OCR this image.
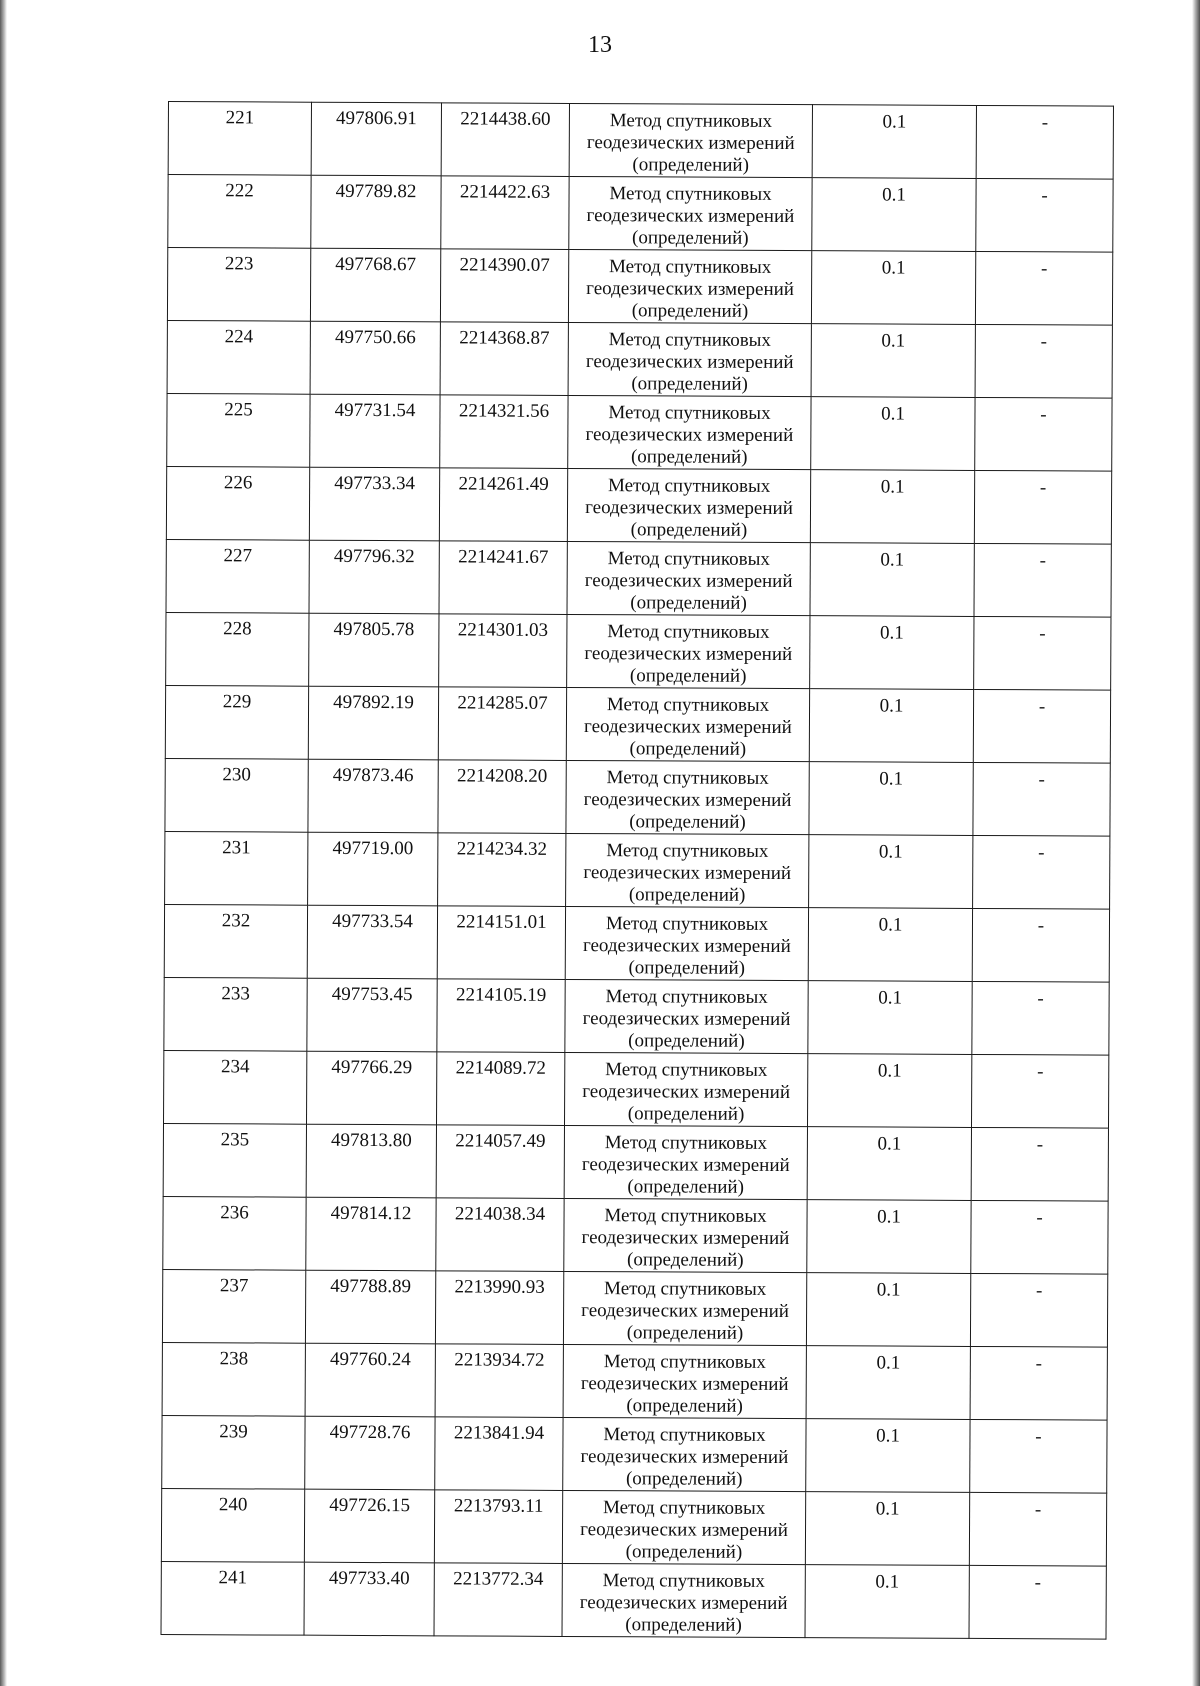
13
221	497806.91	2214438.60	Метод спутниковых геодезических измерений (определений)	0.1	-
222	497789.82	2214422.63	Метод спутниковых геодезических измерений (определений)	0.1	-
223	497768.67	2214390.07	Метод спутниковых геодезических измерений (определений)	0.1	-
224	497750.66	2214368.87	Метод спутниковых геодезических измерений (определений)	0.1	-
225	497731.54	2214321.56	Метод спутниковых геодезических измерений (определений)	0.1	-
226	497733.34	2214261.49	Метод спутниковых геодезических измерений (определений)	0.1	-
227	497796.32	2214241.67	Метод спутниковых геодезических измерений (определений)	0.1	-
228	497805.78	2214301.03	Метод спутниковых геодезических измерений (определений)	0.1	-
229	497892.19	2214285.07	Метод спутниковых геодезических измерений (определений)	0.1	-
230	497873.46	2214208.20	Метод спутниковых геодезических измерений (определений)	0.1	-
231	497719.00	2214234.32	Метод спутниковых геодезических измерений (определений)	0.1	-
232	497733.54	2214151.01	Метод спутниковых геодезических измерений (определений)	0.1	-
233	497753.45	2214105.19	Метод спутниковых геодезических измерений (определений)	0.1	-
234	497766.29	2214089.72	Метод спутниковых геодезических измерений (определений)	0.1	-
235	497813.80	2214057.49	Метод спутниковых геодезических измерений (определений)	0.1	-
236	497814.12	2214038.34	Метод спутниковых геодезических измерений (определений)	0.1	-
237	497788.89	2213990.93	Метод спутниковых геодезических измерений (определений)	0.1	-
238	497760.24	2213934.72	Метод спутниковых геодезических измерений (определений)	0.1	-
239	497728.76	2213841.94	Метод спутниковых геодезических измерений (определений)	0.1	-
240	497726.15	2213793.11	Метод спутниковых геодезических измерений (определений)	0.1	-
241	497733.40	2213772.34	Метод спутниковых геодезических измерений (определений)	0.1	-
